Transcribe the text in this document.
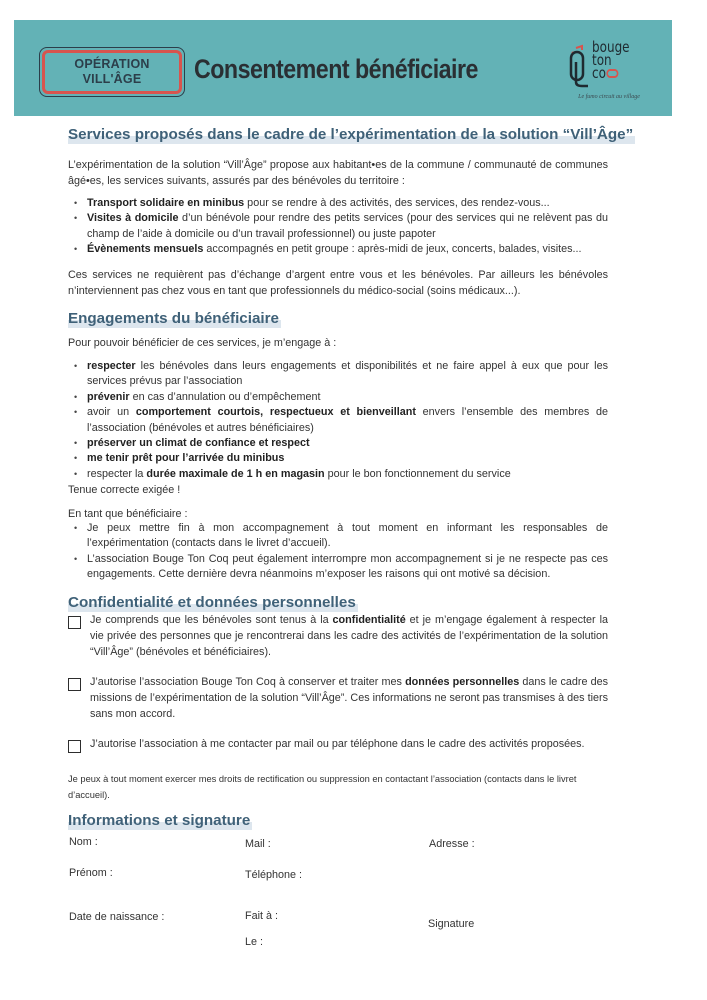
OPÉRATION
VILL'ÂGE Consentement bénéficiaire
bouge
ton
co
Le fumo circuit au village
Services proposés dans le cadre de l’expérimentation de la solution “Vill’Âge”
L’expérimentation de la solution “Vill’Âge” propose aux habitant•es de la commune / communauté de communes âgé•es, les services suivants, assurés par des bénévoles du territoire :
• Transport solidaire en minibus pour se rendre à des activités, des services, des rendez-vous...
• Visites à domicile d’un bénévole pour rendre des petits services (pour des services qui ne relèvent pas du champ de l’aide à domicile ou d’un travail professionnel) ou juste papoter
• Évènements mensuels accompagnés en petit groupe : après-midi de jeux, concerts, balades, visites...
Ces services ne requièrent pas d’échange d’argent entre vous et les bénévoles. Par ailleurs les bénévoles n’interviennent pas chez vous en tant que professionnels du médico-social (soins médicaux...).
Engagements du bénéficiaire
Pour pouvoir bénéficier de ces services, je m’engage à :
• respecter les bénévoles dans leurs engagements et disponibilités et ne faire appel à eux que pour les services prévus par l’association
• prévenir en cas d’annulation ou d’empêchement
• avoir un comportement courtois, respectueux et bienveillant envers l’ensemble des membres de l’association (bénévoles et autres bénéficiaires)
• préserver un climat de confiance et respect
• me tenir prêt pour l’arrivée du minibus
• respecter la durée maximale de 1 h en magasin pour le bon fonctionnement du service
Tenue correcte exigée !
En tant que bénéficiaire :
• Je peux mettre fin à mon accompagnement à tout moment en informant les responsables de l’expérimentation (contacts dans le livret d’accueil).
• L’association Bouge Ton Coq peut également interrompre mon accompagnement si je ne respecte pas ces engagements. Cette dernière devra néanmoins m’exposer les raisons qui ont motivé sa décision.
Confidentialité et données personnelles
Je comprends que les bénévoles sont tenus à la confidentialité et je m’engage également à respecter la vie privée des personnes que je rencontrerai dans les cadre des activités de l’expérimentation de la solution “Vill’Âge” (bénévoles et bénéficiaires).
J’autorise l’association Bouge Ton Coq à conserver et traiter mes données personnelles dans le cadre des missions de l’expérimentation de la solution “Vill’Âge”. Ces informations ne seront pas transmises à des tiers sans mon accord.
J’autorise l’association à me contacter par mail ou par téléphone dans le cadre des activités proposées.
Je peux à tout moment exercer mes droits de rectification ou suppression en contactant l’association (contacts dans le livret d’accueil).
Informations et signature
Nom :	Mail :	Adresse :
Prénom :	Téléphone :
Date de naissance :	Fait à :
Signature
Le :
